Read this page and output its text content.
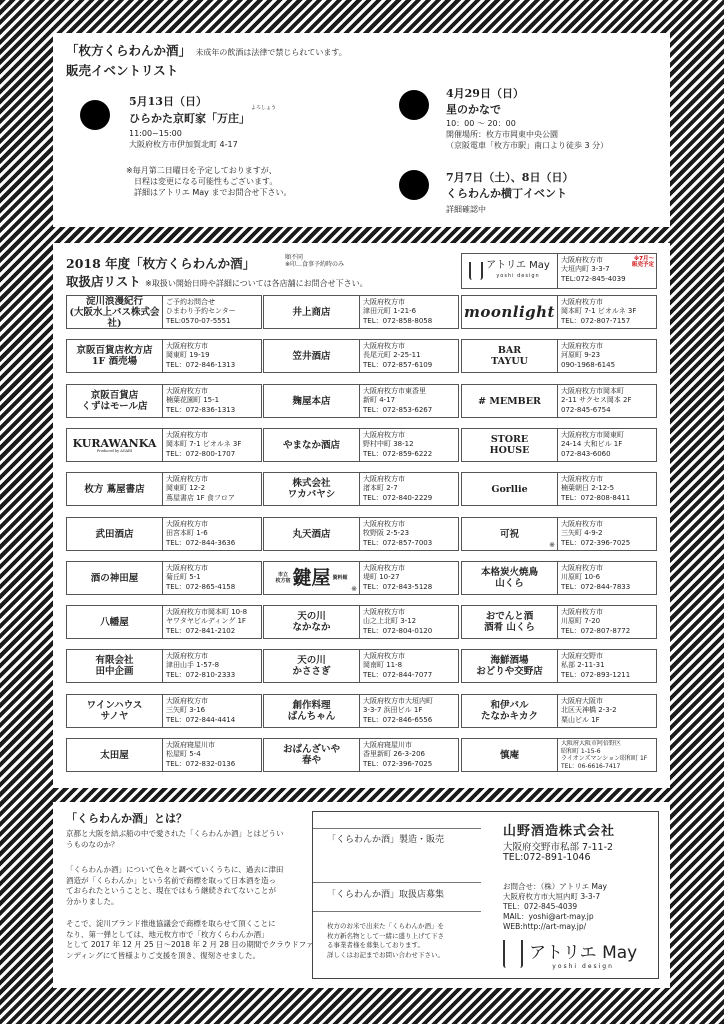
「枚方くらわんか酒」 未成年の飲酒は法律で禁じられています。
販売イベントリスト
5月13日（日）	よろしょう
ひらかた京町家「万庄」
11:00~15:00
大阪府枚方市伊加賀北町 4-17
※毎月第二日曜日を予定しておりますが、
日程は変更になる可能性もございます。
詳細はアトリエ May までお問合せ下さい。
4月29日（日）
星のかなで
10：00 ～ 20：00
開催場所：枚方市岡東中央公園
（京阪電車「枚方市駅」南口より徒歩 3 分）
7月7日（土）、8日（日）
くらわんか横丁イベント
詳細確認中
2018 年度「枚方くらわんか酒」	順不同
※印…食事予約時のみ
取扱店リスト ※取扱い開始日時や詳細については各店舗にお問合せ下さい。
アトリエ May
yoshi design
大阪府枚方市
大垣内町 3-3-7
TEL:072-845-4039
※7月～
販売予定
淀川浪漫紀行
(大阪水上バス株式会社)
ご予約お問合せ
ひまわり予約センター
TEL:0570-07-5551
京阪百貨店枚方店
1F 酒売場
大阪府枚方市
岡東町 19-19
TEL：072-846-1313
京阪百貨店
くずはモール店
大阪府枚方市
楠葉花園町 15-1
TEL：072-836-1313
KURAWANKA
Produced by AGARI
大阪府枚方市
岡本町 7-1 ビオルネ 3F
TEL：072-800-1707
枚方 蔦屋書店
大阪府枚方市
岡東町 12-2
蔦屋書店 1F 食フロア
武田酒店
大阪府枚方市
田宮本町 1-6
TEL：072-844-3636
酒の神田屋
大阪府枚方市
菊丘町 5-1
TEL：072-865-4158
八幡屋
大阪府枚方市岡本町 10-8
ヤワタヤビルディング 1F
TEL：072-841-2102
有限会社
田中企画
大阪府枚方市
津田山手 1-57-8
TEL：072-810-2333
ワインハウス
サノヤ
大阪府枚方市
三矢町 3-16
TEL：072-844-4414
太田屋
大阪府寝屋川市
松屋町 5-4
TEL：072-832-0136
井上商店
大阪府枚方市
津田元町 1-21-6
TEL：072-858-8058
笠井酒店
大阪府枚方市
長尾元町 2-25-11
TEL：072-857-6109
麹屋本店
大阪府枚方市東香里
新町 4-17
TEL：072-853-6267
やまなか酒店
大阪府枚方市
野村中町 38-12
TEL：072-859-6222
株式会社
ワカバヤシ
大阪府枚方市
渚本町 2-7
TEL：072-840-2229
丸天酒店
大阪府枚方市
牧野阪 2-5-23
TEL：072-857-7003
市立
枚方宿 鍵屋 資料館
大阪府枚方市
堤町 10-27
TEL：072-843-5128
※
天の川
なかなか
大阪府枚方市
山之上北町 3-12
TEL：072-804-0120
天の川
かささぎ
大阪府枚方市
岡南町 11-8
TEL：072-844-7077
創作料理
ばんちゃん
大阪府枚方市大垣内町
3-3-7 浜田ビル 1F
TEL：072-846-6556
おばんざいや
春や
大阪府寝屋川市
香里新町 26-3-206
TEL：072-396-7025
moonlight
大阪府枚方市
岡本町 7-1 ビオルネ 3F
TEL：072-807-7157
BAR
TAYUU
大阪府枚方市
河原町 9-23
090-1968-6145
# MEMBER
大阪府枚方市岡本町
2-11 サクセス岡本 2F
072-845-6754
STORE
HOUSE
大阪府枚方市岡東町
24-14 大和ビル 1F
072-843-6060
Gorllie
大阪府枚方市
楠葉朝日 2-12-5
TEL：072-808-8411
可祝
大阪府枚方市
三矢町 4-9-2
TEL：072-396-7025
※
本格炭火焼鳥
山くら
大阪府枚方市
川原町 10-6
TEL：072-844-7833
おでんと酒
酒肴 山くら
大阪府枚方市
川原町 7-20
TEL：072-807-8772
海鮮酒場
おどりや交野店
大阪府交野市
私部 2-11-31
TEL：072-893-1211
和伊バル
たなかキカク
大阪府大阪市
北区天神橋 2-3-2
栗山ビル 1F
慎庵
大阪府大阪市阿倍野区
昭和町 1-15-6
ライオンズマンション昭和町 1F
TEL：06-6616-7417
「くらわんか酒」とは？
京都と大阪を結ぶ船の中で愛された「くらわんか酒」とはどうい
うものなのか？
「くらわんか酒」について色々と調べていくうちに、過去に津田
酒造が「くらわんか」という名前で商標を取って日本酒を造っ
ておられたということと、現在ではもう継続されてないことが
分かりました。
そこで、淀川ブランド推進協議会で商標を取らせて頂くことに
なり、第一弾としては、地元枚方市で「枚方くらわんか酒」
として 2017 年 12 月 25 日～2018 年 2 月 28 日の期間でクラウドファ
ンディングにて皆様よりご支援を頂き、復刻させました。
「くらわんか酒」製造・販売
山野酒造株式会社
大阪府交野市私部 7-11-2
TEL:072-891-1046
「くらわんか酒」取扱店募集
枚方のお米で出来た「くらわんか酒」を
枚方新名物として一緒に盛り上げて下さ
る事業者様を募集しております。
詳しくはお記までお問い合わせ下さい。
お問合せ：（株）アトリエ May
大阪府枚方市大垣内町 3-3-7
TEL：072-845-4039
MAIL：yoshi@art-may.jp
WEB:http://art-may.jp/
アトリエ May
yoshi design
